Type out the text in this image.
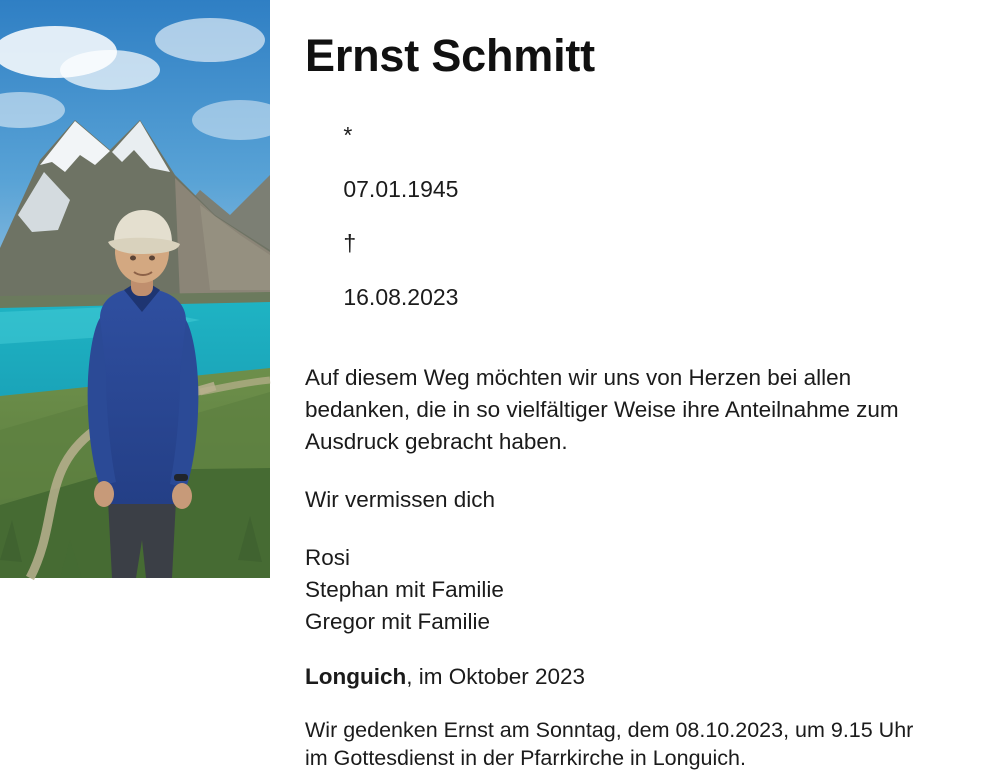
Ernst Schmitt

*

07.01.1945

†

16.08.2023

Auf diesem Weg möchten wir uns von Herzen bei allen bedanken, die in so vielfältiger Weise ihre Anteilnahme zum Ausdruck gebracht haben.
Wir vermissen dich
Rosi
Stephan mit Familie
Gregor mit Familie
Longuich, im Oktober 2023
Wir gedenken Ernst am Sonntag, dem 08.10.2023, um 9.15 Uhr
im Gottesdienst in der Pfarrkirche in Longuich.
